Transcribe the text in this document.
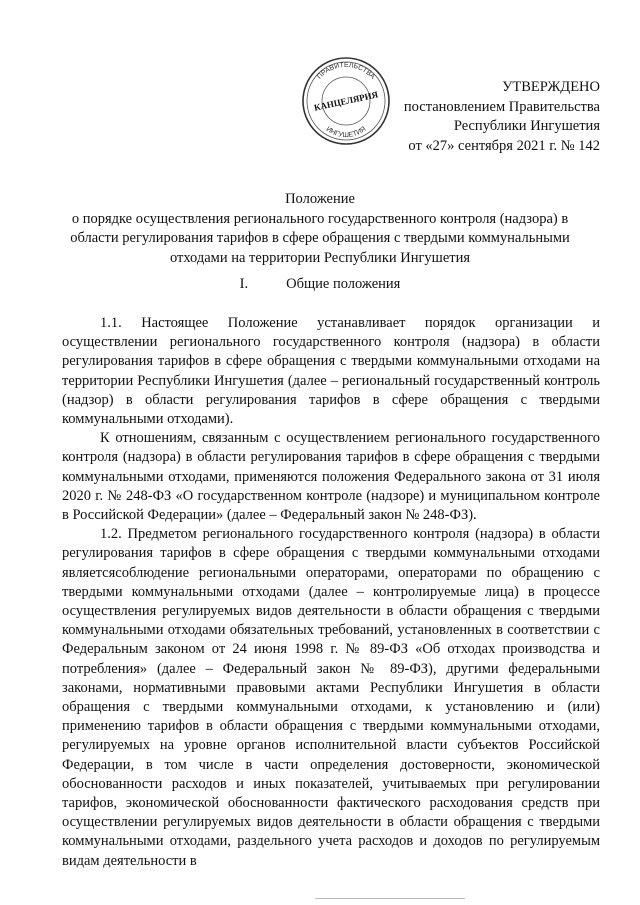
ПРАВИТЕЛЬСТВА
ИНГУШЕТИЯ
КАНЦЕЛЯРИЯ
УТВЕРЖДЕНО
постановлением Правительства
Республики Ингушетия
от «27» сентября 2021 г. № 142
Положение
о порядке осуществления регионального государственного контроля (надзора) в
области регулирования тарифов в сфере обращения с твердыми коммунальными
отходами на территории Республики Ингушетия
I.	Общие положения

1.1. Настоящее Положение устанавливает порядок организации и осуществлении регионального государственного контроля (надзора) в области регулирования тарифов в сфере обращения с твердыми коммунальными отходами на территории Республики Ингушетия (далее – региональный государственный контроль (надзор) в области регулирования тарифов в сфере обращения с твердыми коммунальными отходами).

К отношениям, связанным с осуществлением регионального государственного контроля (надзора) в области регулирования тарифов в сфере обращения с твердыми коммунальными отходами, применяются положения Федерального закона от 31 июля 2020 г. № 248-ФЗ «О государственном контроле (надзоре) и муниципальном контроле в Российской Федерации» (далее – Федеральный закон № 248-ФЗ).

1.2. Предметом регионального государственного контроля (надзора) в области регулирования тарифов в сфере обращения с твердыми коммунальными отходами являетсясоблюдение региональными операторами, операторами по обращению с твердыми коммунальными отходами (далее – контролируемые лица) в процессе осуществления регулируемых видов деятельности в области обращения с твердыми коммунальными отходами обязательных требований, установленных в соответствии с Федеральным законом от 24 июня 1998 г. № 89-ФЗ «Об отходах производства и потребления» (далее – Федеральный закон № 89-ФЗ), другими федеральными законами, нормативными правовыми актами Республики Ингушетия в области обращения с твердыми коммунальными отходами, к установлению и (или) применению тарифов в области обращения с твердыми коммунальными отходами, регулируемых на уровне органов исполнительной власти субъектов Российской Федерации, в том числе в части определения достоверности, экономической обоснованности расходов и иных показателей, учитываемых при регулировании тарифов, экономической обоснованности фактического расходования средств при осуществлении регулируемых видов деятельности в области обращения с твердыми коммунальными отходами, раздельного учета расходов и доходов по регулируемым видам деятельности в
